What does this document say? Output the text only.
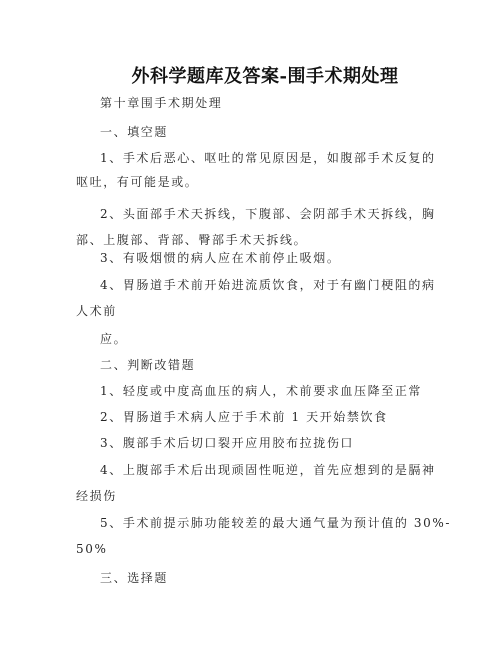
外科学题库及答案-围手术期处理
第十章围手术期处理
一、填空题
1、手术后恶心、呕吐的常见原因是，如腹部手术反复的
呕吐，有可能是或。
2、头面部手术天拆线，下腹部、会阴部手术天拆线，胸
部、上腹部、背部、臀部手术天拆线。
3、有吸烟惯的病人应在术前停止吸烟。
4、胃肠道手术前开始进流质饮食，对于有幽门梗阻的病
人术前
应。
二、判断改错题
1、轻度或中度高血压的病人，术前要求血压降至正常
2、胃肠道手术病人应于手术前 1 天开始禁饮食
3、腹部手术后切口裂开应用胶布拉拢伤口
4、上腹部手术后出现顽固性呃逆，首先应想到的是膈神
经损伤
5、手术前提示肺功能较差的最大通气量为预计值的 30%-
50%
三、选择题
